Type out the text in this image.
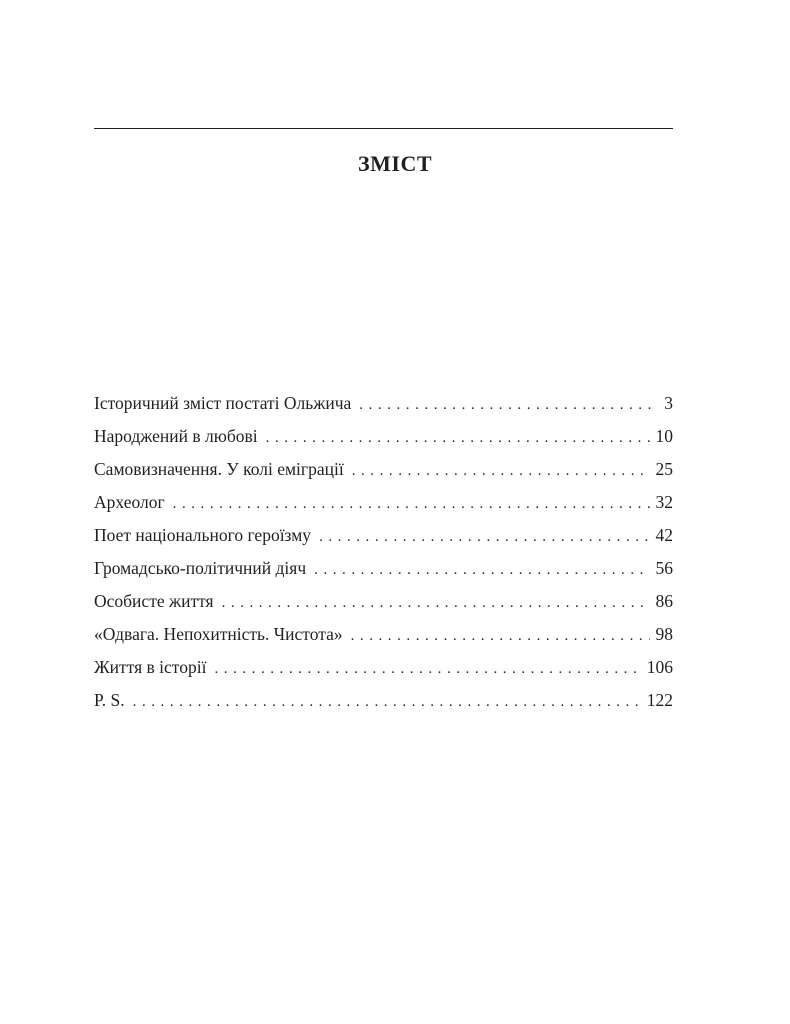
ЗМІСТ
Історичний зміст постаті Ольжича . . .	3
Народжений в любові . . .	10
Самовизначення. У колі еміграції . . .	25
Археолог . . .	32
Поет національного героїзму . . .	42
Громадсько-політичний діяч . . .	56
Особисте життя . . .	86
«Одвага. Непохитність. Чистота» . . .	98
Життя в історії . . .	106
P. S. . . .	122
